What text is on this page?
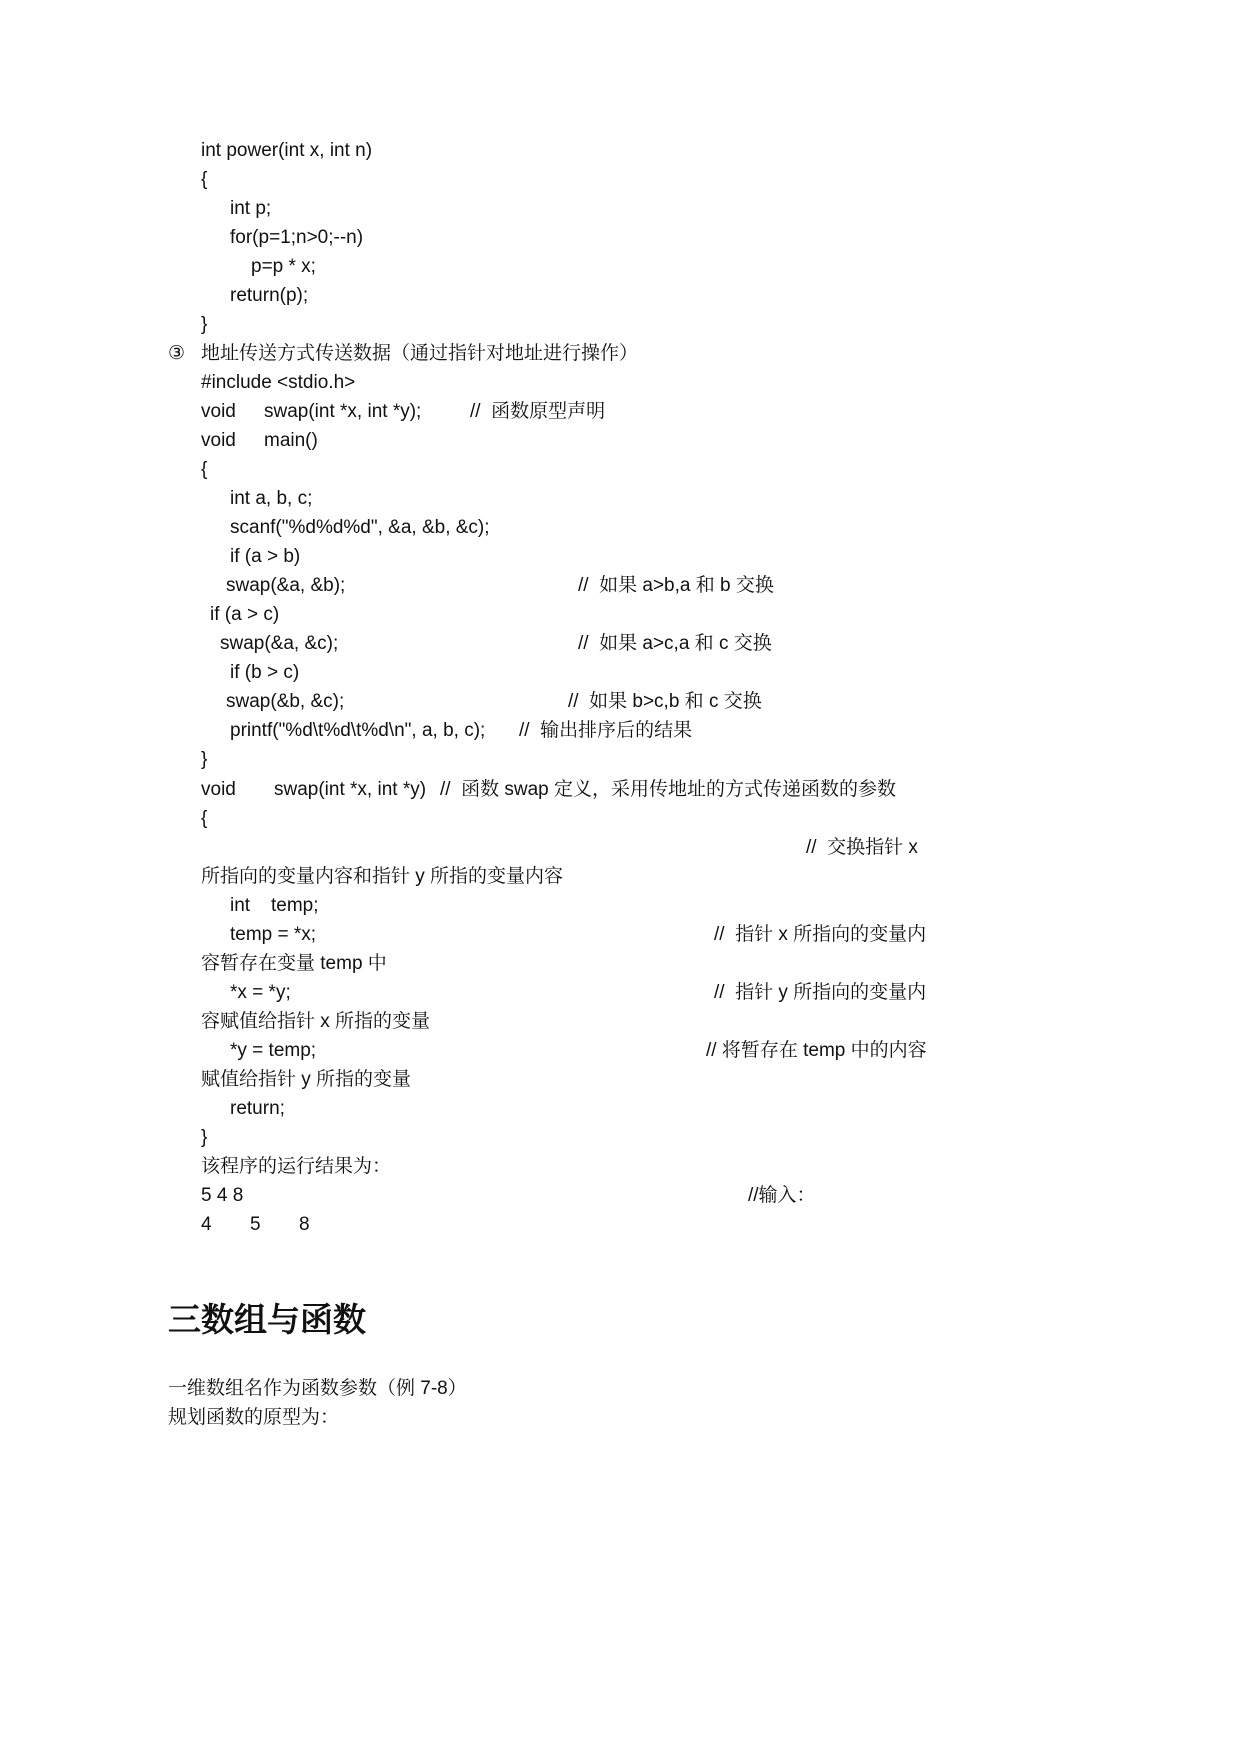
int power(int x, int n)
{
int p;
for(p=1;n>0;--n)
p=p * x;
return(p);
}
③ 地址传送方式传送数据（通过指针对地址进行操作）
#include <stdio.h>
void swap(int *x, int *y);	//  函数原型声明
void main()
{
int a, b, c;
scanf("%d%d%d", &a, &b, &c);
if (a > b)
swap(&a, &b);	//  如果 a>b,a 和 b 交换
if (a > c)
swap(&a, &c);	//  如果 a>c,a 和 c 交换
if (b > c)
swap(&b, &c);	//  如果 b>c,b 和 c 交换
printf("%d\t%d\t%d\n", a, b, c); //  输出排序后的结果
}
void swap(int *x, int *y) //  函数 swap 定义，采用传地址的方式传递函数的参数
{
//  交换指针 x
所指向的变量内容和指针 y 所指的变量内容
int temp;
temp = *x;	//  指针 x 所指向的变量内
容暂存在变量 temp 中
*x = *y;	//  指针 y 所指向的变量内
容赋值给指针 x 所指的变量
*y = temp;	// 将暂存在 temp 中的内容
赋值给指针 y 所指的变量
return;
}
该程序的运行结果为：
5 4 8	//输入：
4 5 8
三数组与函数
一维数组名作为函数参数（例 7-8）
规划函数的原型为：
